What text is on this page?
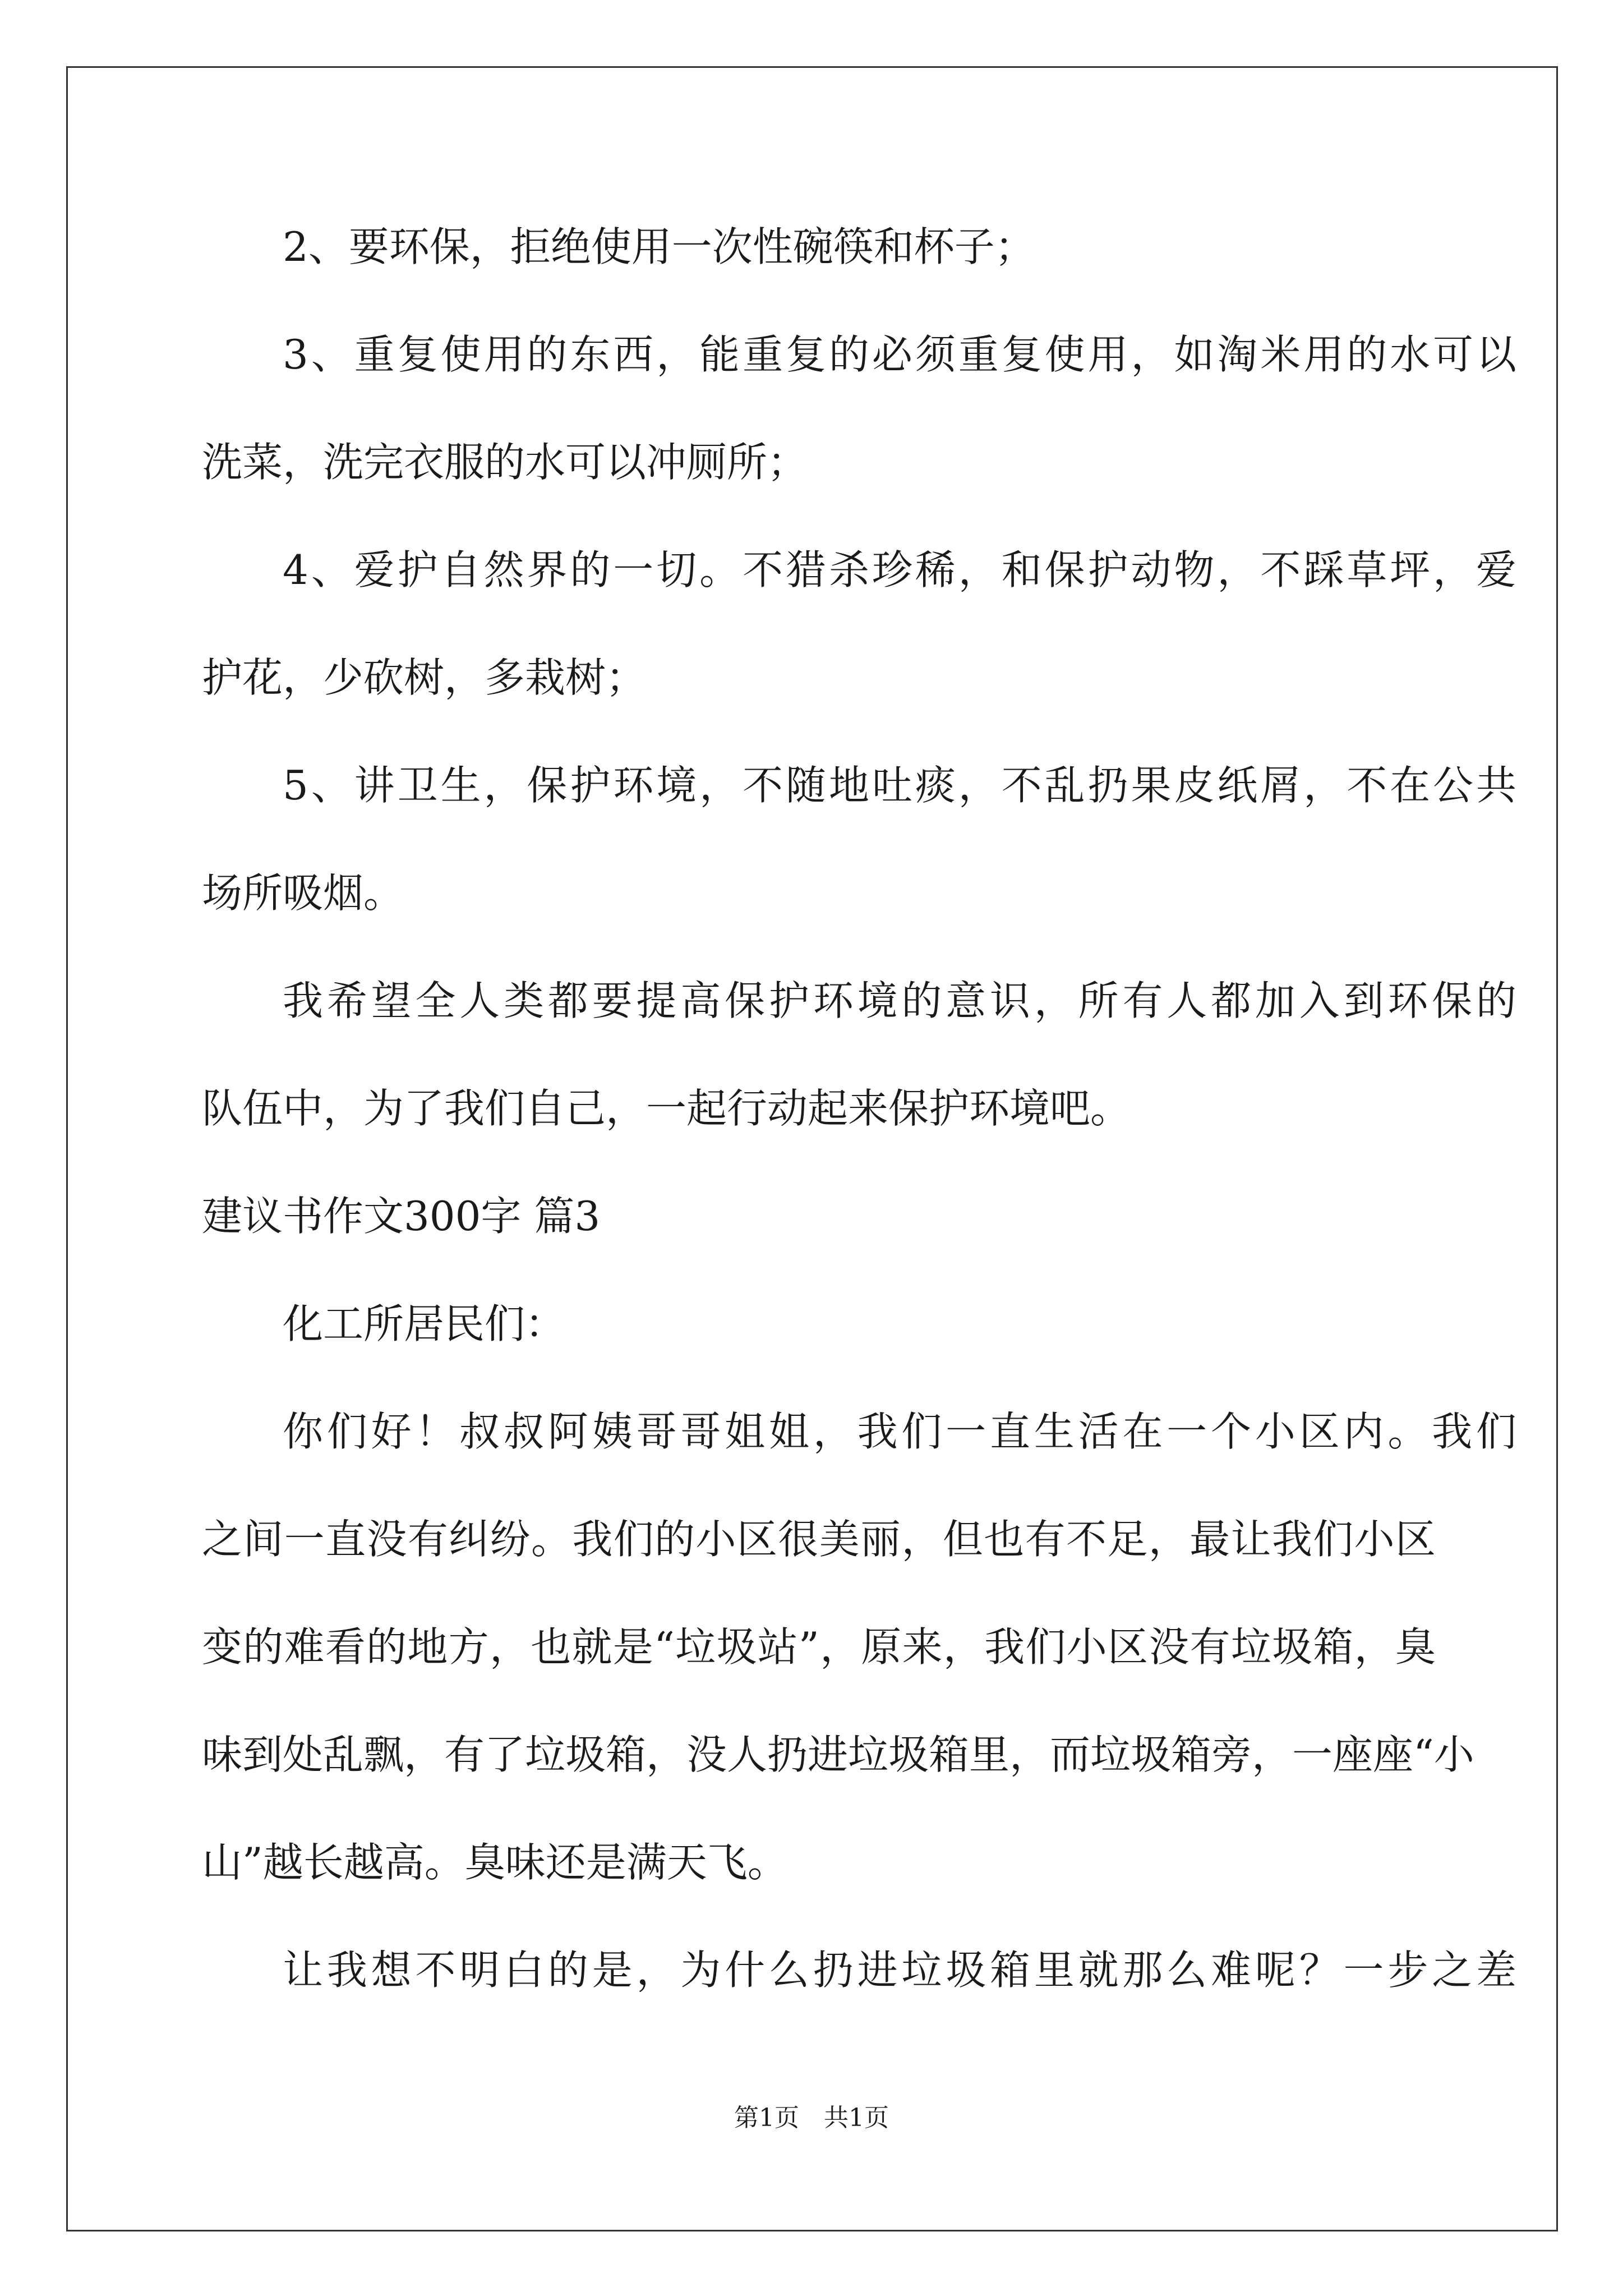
2、要环保，拒绝使用一次性碗筷和杯子；
3、重复使用的东西，能重复的必须重复使用，如淘米用的水可以
洗菜，洗完衣服的水可以冲厕所；
4、爱护自然界的一切。不猎杀珍稀，和保护动物，不踩草坪，爱
护花，少砍树，多栽树；
5、讲卫生，保护环境，不随地吐痰，不乱扔果皮纸屑，不在公共
场所吸烟。
我希望全人类都要提高保护环境的意识，所有人都加入到环保的
队伍中，为了我们自己，一起行动起来保护环境吧。
建议书作文300字 篇3
化工所居民们：
你们好！叔叔阿姨哥哥姐姐，我们一直生活在一个小区内。我们
之间一直没有纠纷。我们的小区很美丽，但也有不足，最让我们小区
变的难看的地方，也就是“垃圾站”，原来，我们小区没有垃圾箱，臭
味到处乱飘，有了垃圾箱，没人扔进垃圾箱里，而垃圾箱旁，一座座“小
山”越长越高。臭味还是满天飞。
让我想不明白的是，为什么扔进垃圾箱里就那么难呢？一步之差
第1页　共1页
